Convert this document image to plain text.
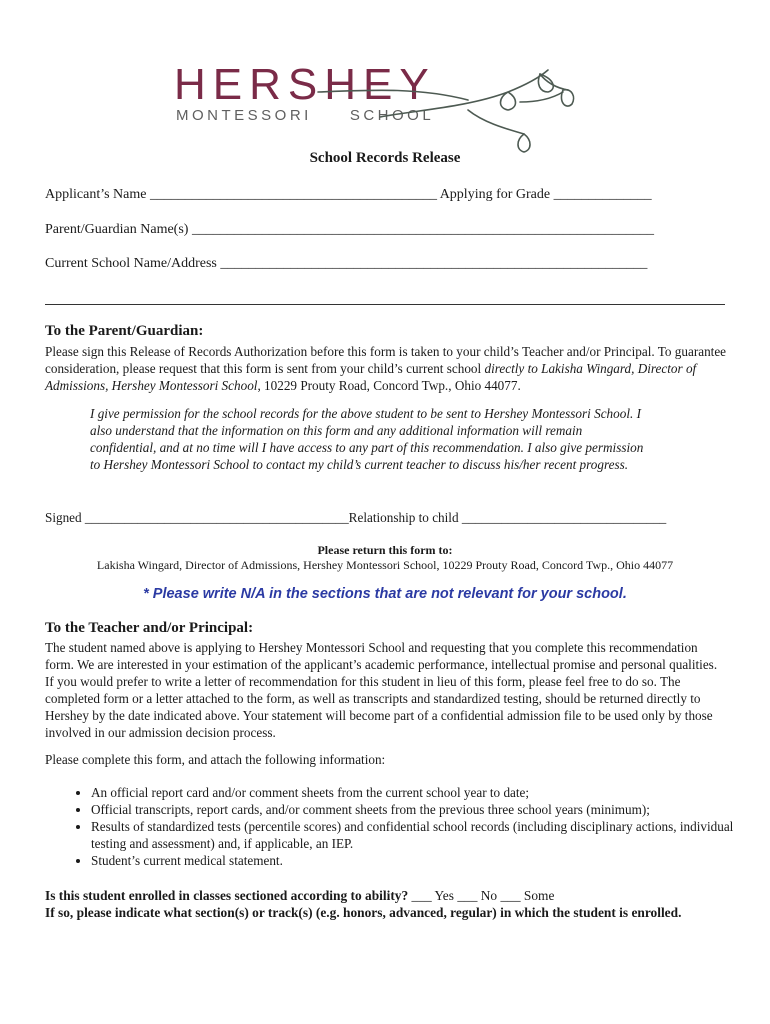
HERSHEY
MONTESSORI	SCHOOL
School Records Release
Applicant’s Name _________________________________________ Applying for Grade ______________
Parent/Guardian Name(s) __________________________________________________________________
Current School Name/Address _____________________________________________________________
To the Parent/Guardian:
Please sign this Release of Records Authorization before this form is taken to your child’s Teacher and/or Principal. To guarantee consideration, please request that this form is sent from your child’s current school directly to Lakisha Wingard, Director of Admissions, Hershey Montessori School, 10229 Prouty Road, Concord Twp., Ohio 44077.
I give permission for the school records for the above student to be sent to Hershey Montessori School. I also understand that the information on this form and any additional information will remain confidential, and at no time will I have access to any part of this recommendation. I also give permission to Hershey Montessori School to contact my child’s current teacher to discuss his/her recent progress.
Signed ________________________________________Relationship to child _______________________________
Please return this form to:
Lakisha Wingard, Director of Admissions, Hershey Montessori School, 10229 Prouty Road, Concord Twp., Ohio 44077
* Please write N/A in the sections that are not relevant for your school.
To the Teacher and/or Principal:
The student named above is applying to Hershey Montessori School and requesting that you complete this recommendation form. We are interested in your estimation of the applicant’s academic performance, intellectual promise and personal qualities. If you would prefer to write a letter of recommendation for this student in lieu of this form, please feel free to do so. The completed form or a letter attached to the form, as well as transcripts and standardized testing, should be returned directly to Hershey by the date indicated above. Your statement will become part of a confidential admission file to be used only by those involved in our admission decision process.
Please complete this form, and attach the following information:
• An official report card and/or comment sheets from the current school year to date;
• Official transcripts, report cards, and/or comment sheets from the previous three school years (minimum);
• Results of standardized tests (percentile scores) and confidential school records (including disciplinary actions, individual testing and assessment) and, if applicable, an IEP.
• Student’s current medical statement.
Is this student enrolled in classes sectioned according to ability? ___ Yes ___ No ___ Some
If so, please indicate what section(s) or track(s) (e.g. honors, advanced, regular) in which the student is enrolled.
